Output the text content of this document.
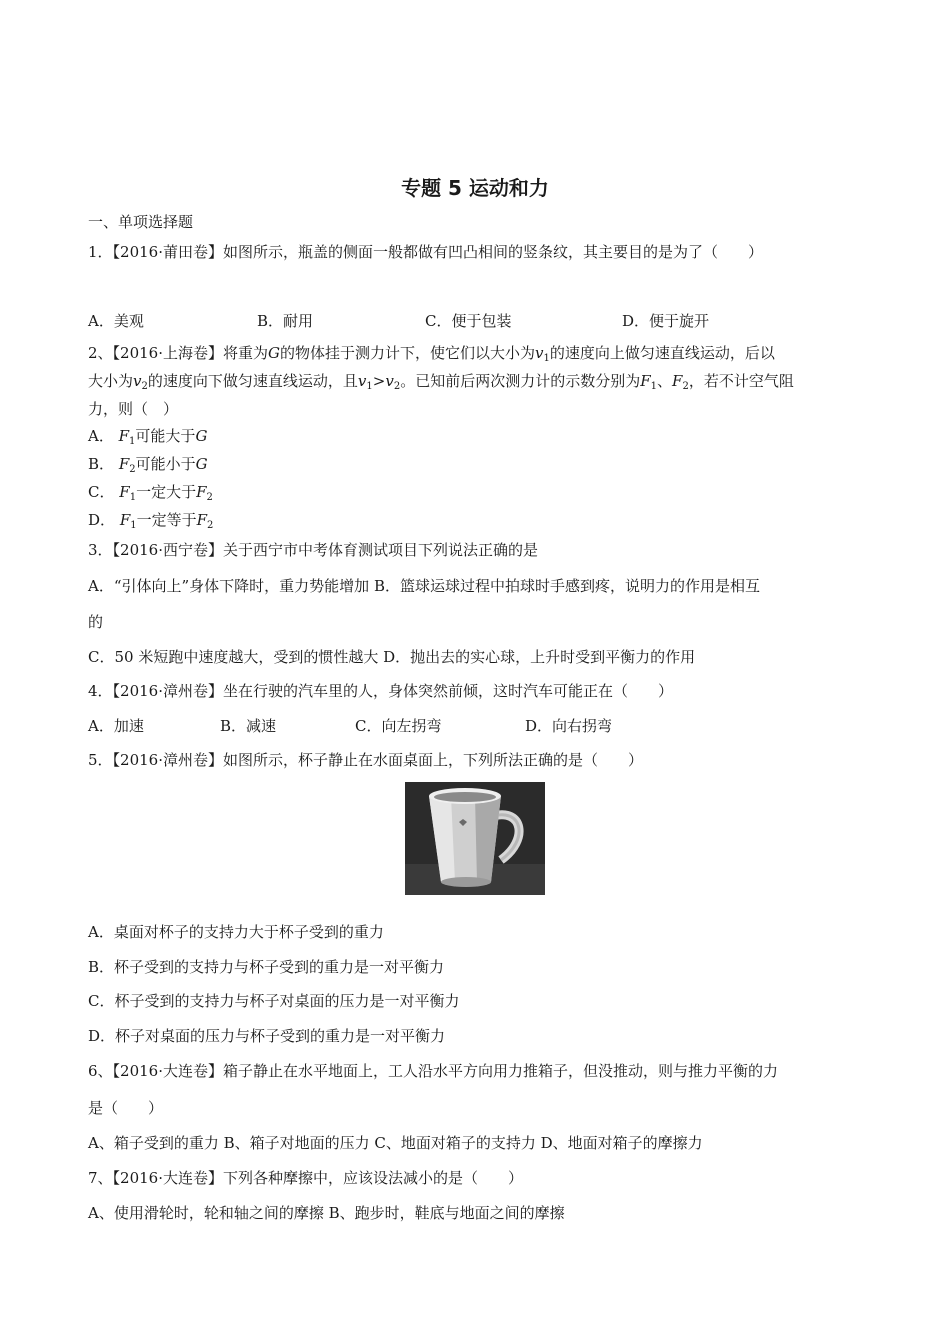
专题 5 运动和力
一、单项选择题
1．【2016·莆田卷】如图所示，瓶盖的侧面一般都做有凹凸相间的竖条纹，其主要目的是为了（　　）
A．美观	B．耐用	C．便于包装	D．便于旋开
2、【2016·上海卷】将重为G的物体挂于测力计下，使它们以大小为$v_1$的速度向上做匀速直线运动，后以
大小为$v_2$的速度向下做匀速直线运动，且$v_1>v_2$。已知前后两次测力计的示数分别为$F_1$、$F_2$，若不计空气阻
力，则（　）
A． $F_1$可能大于G
B． $F_2$可能小于G
C． $F_1$一定大于$F_2$
D． $F_1$一定等于$F_2$
3．【2016·西宁卷】关于西宁市中考体育测试项目下列说法正确的是
A．“引体向上”身体下降时，重力势能增加 B．篮球运球过程中拍球时手感到疼，说明力的作用是相互
的
C．50 米短跑中速度越大，受到的惯性越大 D．抛出去的实心球，上升时受到平衡力的作用
4．【2016·漳州卷】坐在行驶的汽车里的人，身体突然前倾，这时汽车可能正在（　　）
A．加速	B．减速	C．向左拐弯	D．向右拐弯
5．【2016·漳州卷】如图所示，杯子静止在水面桌面上，下列所法正确的是（　　）
A．桌面对杯子的支持力大于杯子受到的重力
B．杯子受到的支持力与杯子受到的重力是一对平衡力
C．杯子受到的支持力与杯子对桌面的压力是一对平衡力
D．杯子对桌面的压力与杯子受到的重力是一对平衡力
6、【2016·大连卷】箱子静止在水平地面上，工人沿水平方向用力推箱子，但没推动，则与推力平衡的力
是（　　）
A、箱子受到的重力 B、箱子对地面的压力 C、地面对箱子的支持力 D、地面对箱子的摩擦力
7、【2016·大连卷】下列各种摩擦中，应该设法减小的是（　　）
A、使用滑轮时，轮和轴之间的摩擦 B、跑步时，鞋底与地面之间的摩擦
